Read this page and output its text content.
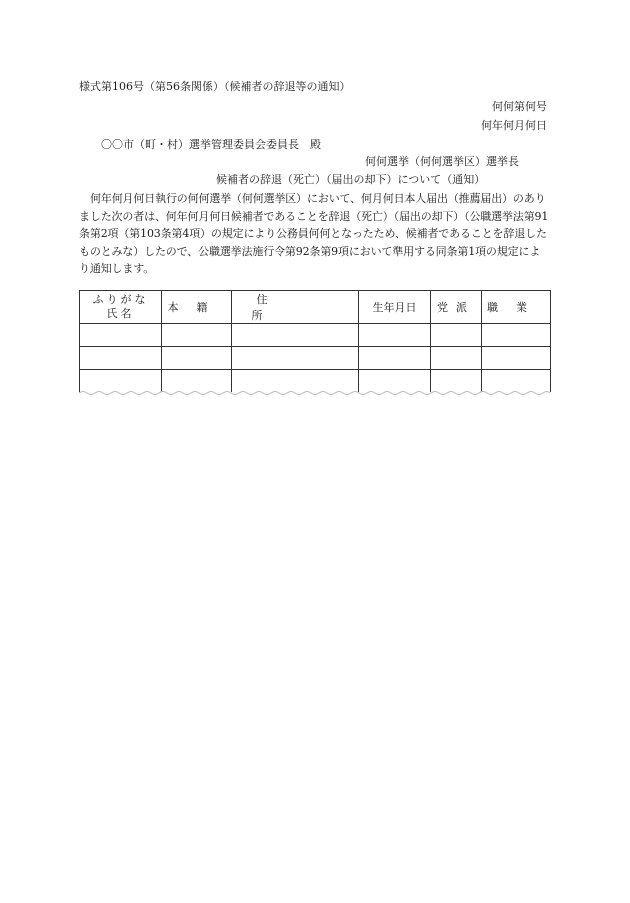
様式第106号（第56条関係）（候補者の辞退等の通知）
何何第何号
何年何月何日
〇〇市（町・村）選挙管理委員会委員長　殿
何何選挙（何何選挙区）選挙長
候補者の辞退（死亡）（届出の却下）について（通知）
何年何月何日執行の何何選挙（何何選挙区）において、何月何日本人届出（推薦届出）のありました次の者は、何年何月何日候補者であることを辞退（死亡）（届出の却下）（公職選挙法第91条第2項（第103条第4項）の規定により公務員何何となったため、候補者であることを辞退したものとみな）したので、公職選挙法施行令第92条第9項において準用する同条第1項の規定により通知します。
ふりがな
氏名	本籍	住所	生年月日	党派	職業
